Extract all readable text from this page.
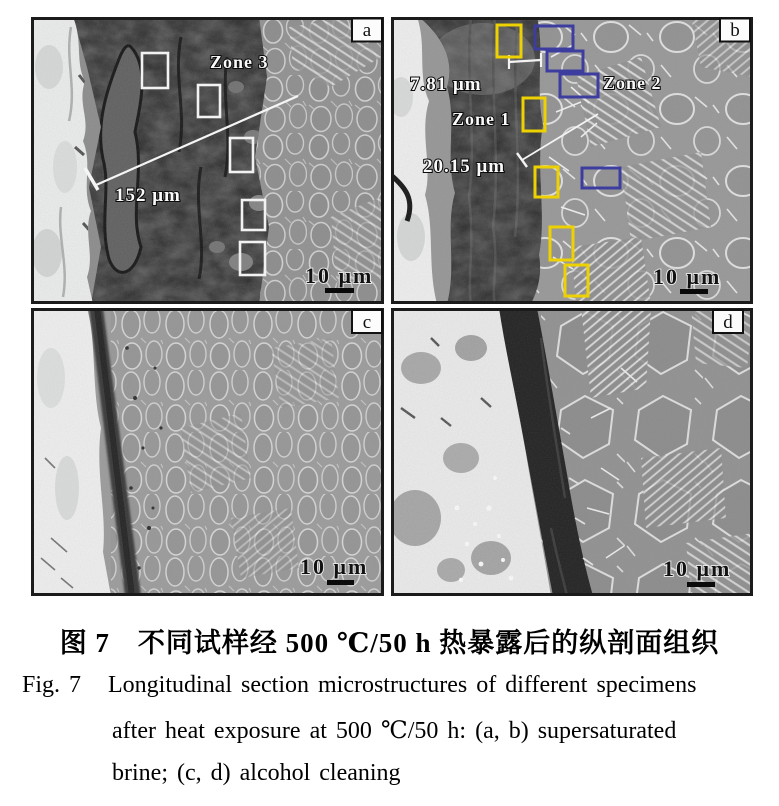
Zone 3
152 μm
10 μm
a
7.81 μm
Zone 1
20.15 μm
Zone 2
10 μm
b
10 μm
c
10 μm
d
图 7　不同试样经 500 ℃/50 h 热暴露后的纵剖面组织
Fig. 7   Longitudinal section microstructures of different specimens
after heat exposure at 500 ℃/50 h: (a, b) supersaturated
brine; (c, d) alcohol cleaning
